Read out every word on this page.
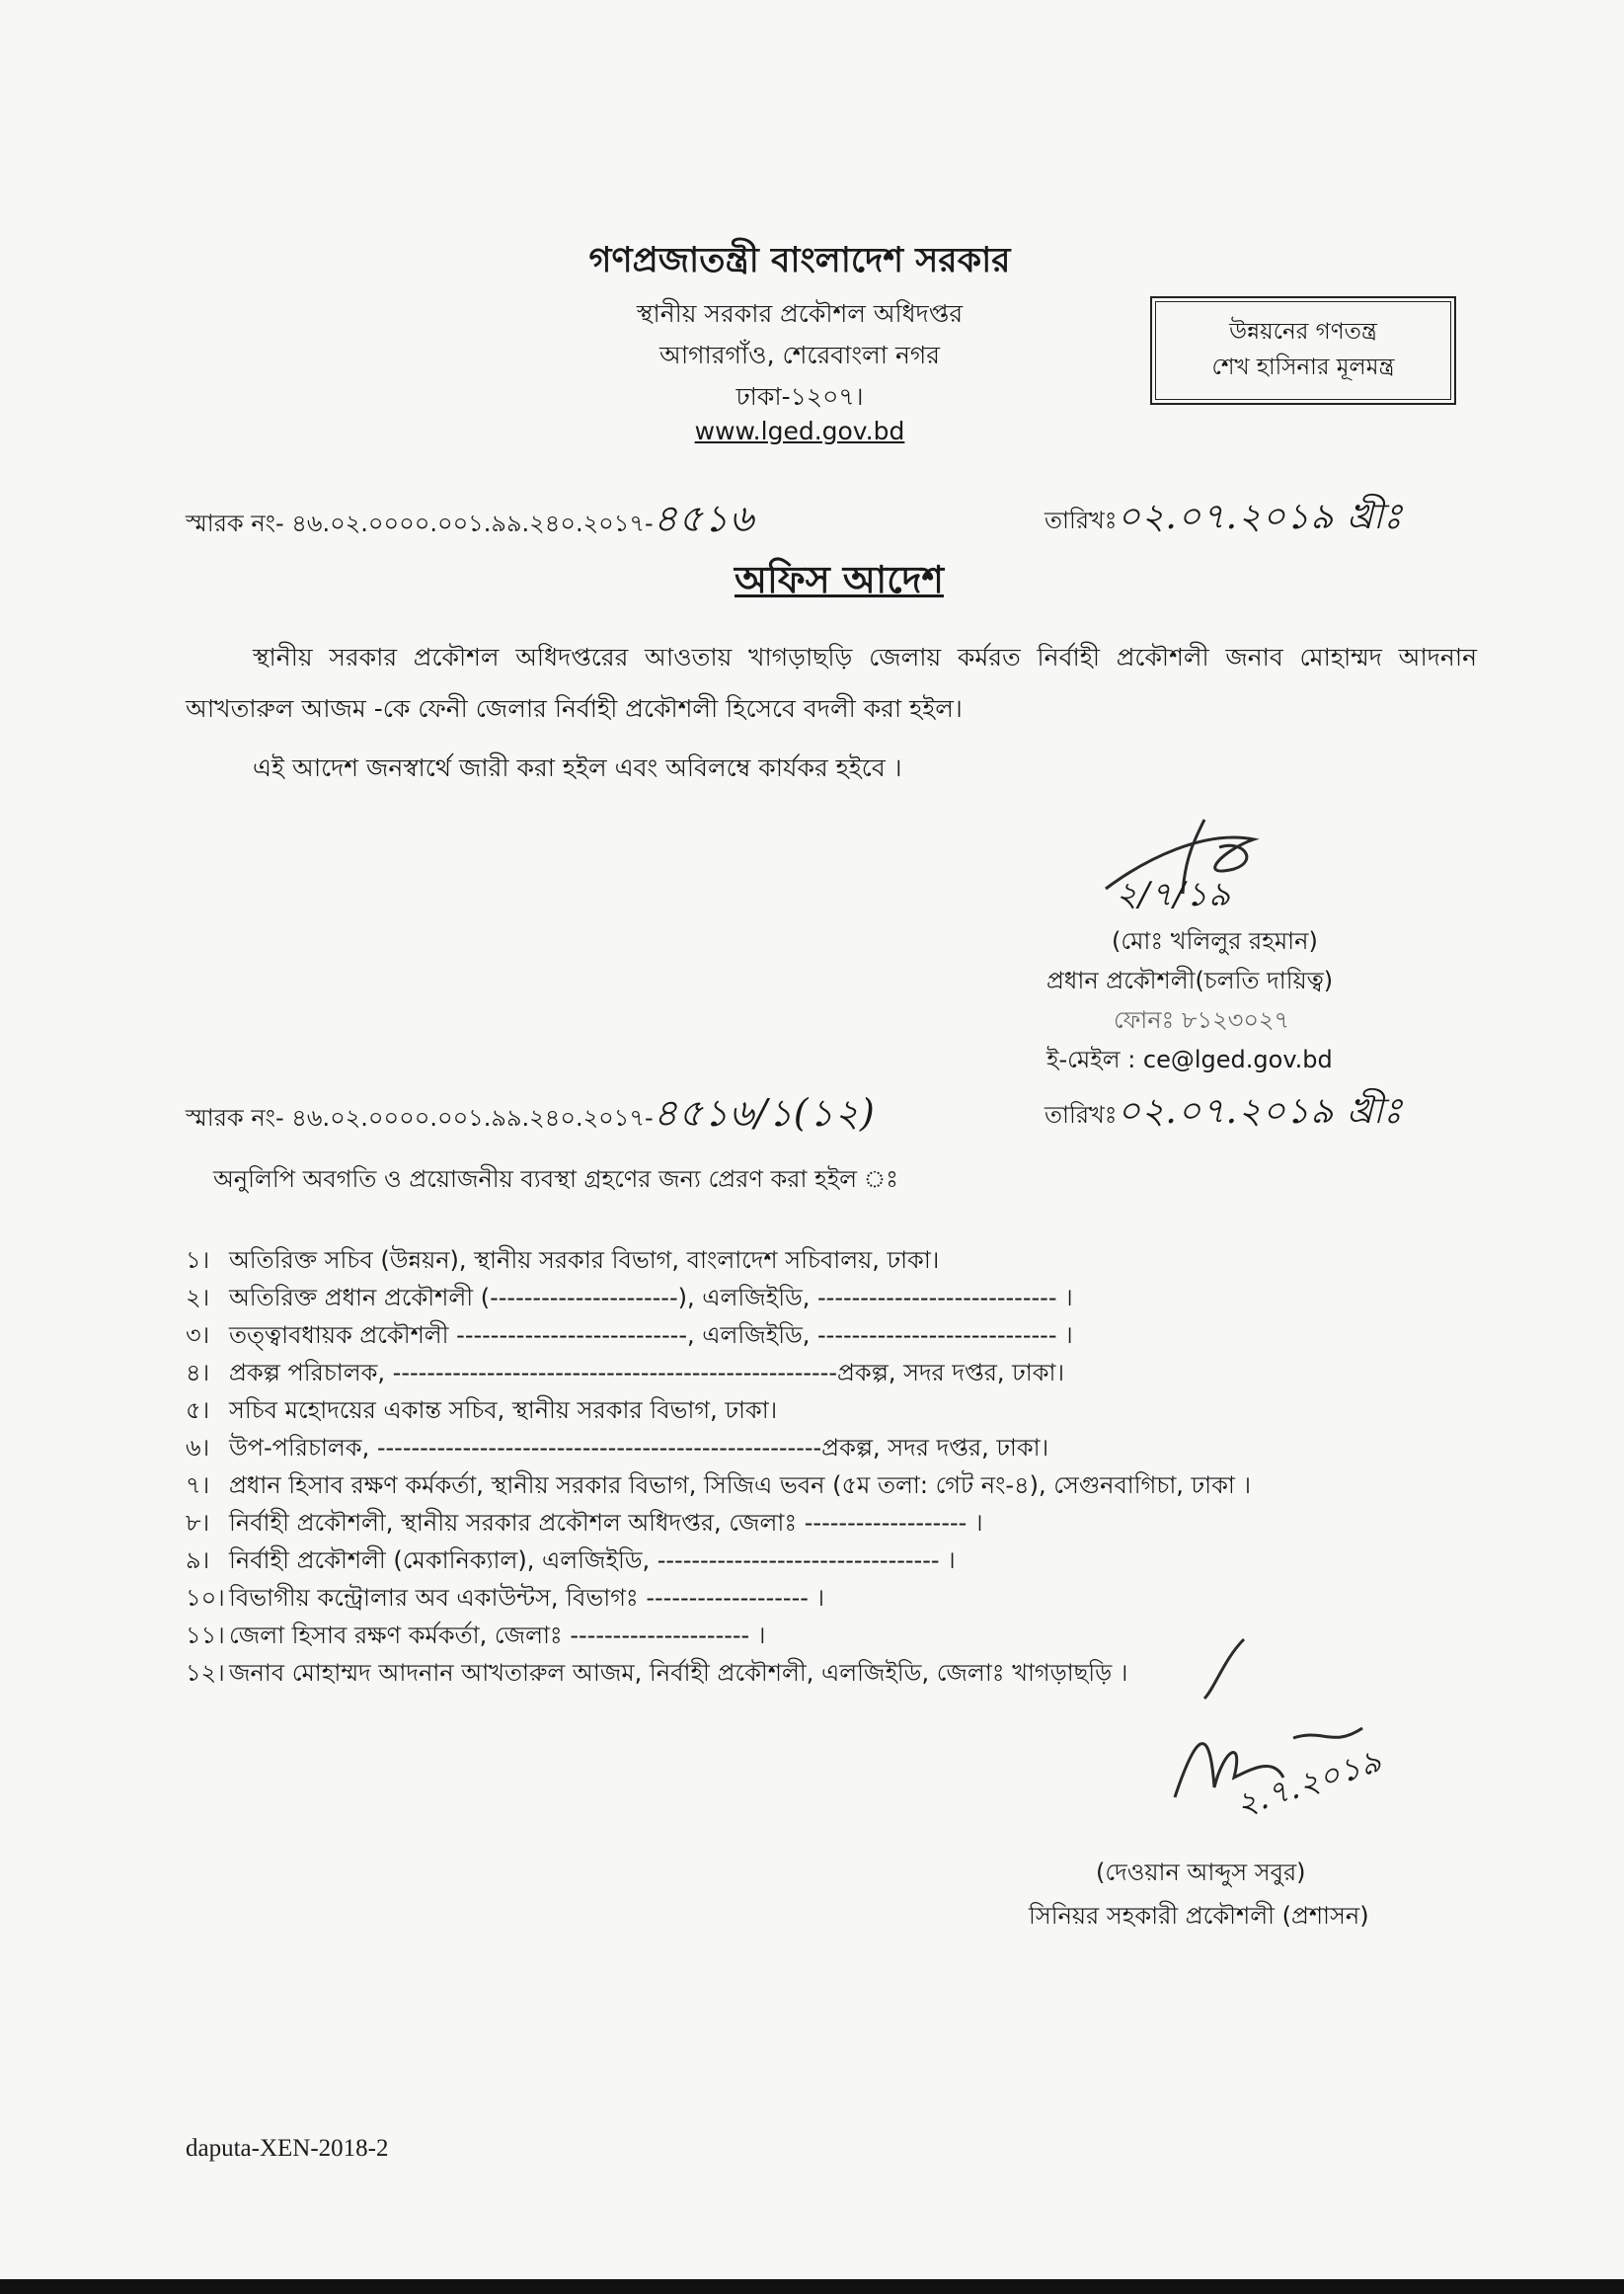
গণপ্রজাতন্ত্রী বাংলাদেশ সরকার
স্থানীয় সরকার প্রকৌশল অধিদপ্তর
আগারগাঁও, শেরেবাংলা নগর
ঢাকা-১২০৭।
www.lged.gov.bd
উন্নয়নের গণতন্ত্র
শেখ হাসিনার মূলমন্ত্র
স্মারক নং- ৪৬.০২.০০০০.০০১.৯৯.২৪০.২০১৭-৪৫১৬	তারিখঃ০২.০৭.২০১৯ খ্রীঃ
অফিস আদেশ
স্থানীয় সরকার প্রকৌশল অধিদপ্তরের আওতায় খাগড়াছড়ি জেলায় কর্মরত নির্বাহী প্রকৌশলী জনাব মোহাম্মদ আদনান আখতারুল আজম -কে ফেনী জেলার নির্বাহী প্রকৌশলী হিসেবে বদলী করা হইল।
এই আদেশ জনস্বার্থে জারী করা হইল এবং অবিলম্বে কার্যকর হইবে ।
২/৭/১৯
(মোঃ খলিলুর রহমান)
প্রধান প্রকৌশলী(চলতি দায়িত্ব)
ফোনঃ ৮১২৩০২৭
ই-মেইল : ce@lged.gov.bd
স্মারক নং- ৪৬.০২.০০০০.০০১.৯৯.২৪০.২০১৭-৪৫১৬/১(১২)	তারিখঃ০২.০৭.২০১৯ খ্রীঃ
অনুলিপি অবগতি ও প্রয়োজনীয় ব্যবস্থা গ্রহণের জন্য প্রেরণ করা হইল ঃ
১। অতিরিক্ত সচিব (উন্নয়ন), স্থানীয় সরকার বিভাগ, বাংলাদেশ সচিবালয়, ঢাকা।
২। অতিরিক্ত প্রধান প্রকৌশলী (----------------------), এলজিইডি, ---------------------------- ।
৩। তত্ত্বাবধায়ক প্রকৌশলী ---------------------------, এলজিইডি, ---------------------------- ।
৪। প্রকল্প পরিচালক, ----------------------------------------------------প্রকল্প, সদর দপ্তর, ঢাকা।
৫। সচিব মহোদয়ের একান্ত সচিব, স্থানীয় সরকার বিভাগ, ঢাকা।
৬। উপ-পরিচালক, ----------------------------------------------------প্রকল্প, সদর দপ্তর, ঢাকা।
৭। প্রধান হিসাব রক্ষণ কর্মকর্তা, স্থানীয় সরকার বিভাগ, সিজিএ ভবন (৫ম তলা: গেট নং-৪), সেগুনবাগিচা, ঢাকা ।
৮। নির্বাহী প্রকৌশলী, স্থানীয় সরকার প্রকৌশল অধিদপ্তর, জেলাঃ ------------------- ।
৯। নির্বাহী প্রকৌশলী (মেকানিক্যাল), এলজিইডি, --------------------------------- ।
১০। বিভাগীয় কন্ট্রোলার অব একাউন্টস, বিভাগঃ ------------------- ।
১১। জেলা হিসাব রক্ষণ কর্মকর্তা, জেলাঃ --------------------- ।
১২। জনাব মোহাম্মদ আদনান আখতারুল আজম, নির্বাহী প্রকৌশলী, এলজিইডি, জেলাঃ খাগড়াছড়ি ।
২.৭.২০১৯
(দেওয়ান আব্দুস সবুর)
সিনিয়র সহকারী প্রকৌশলী (প্রশাসন)
daputa-XEN-2018-2
